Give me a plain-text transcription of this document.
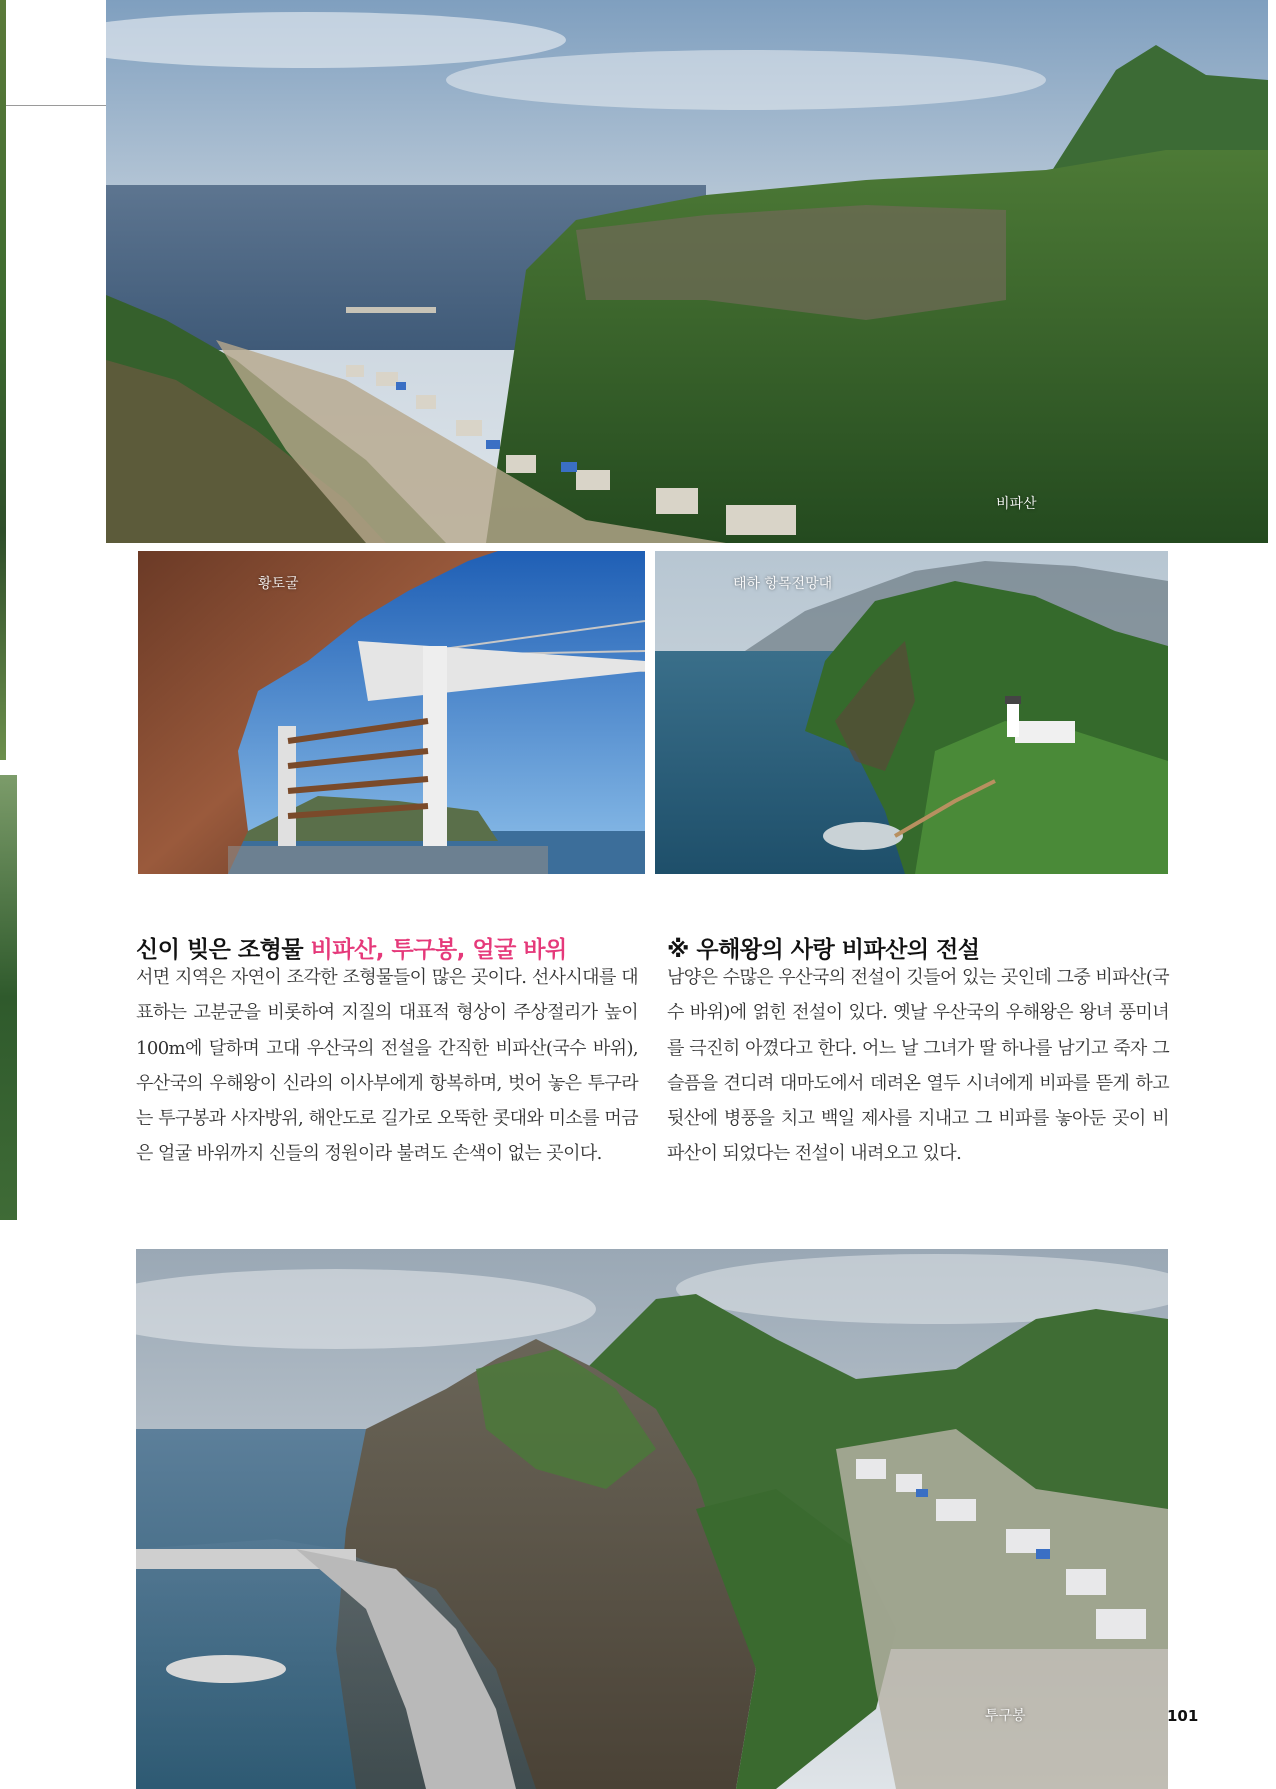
비파산
황토굴	태하 항목전망대
신이 빚은 조형물 비파산, 투구봉, 얼굴 바위
서면 지역은 자연이 조각한 조형물들이 많은 곳이다. 선사시대를 대표하는 고분군을 비롯하여 지질의 대표적 형상이 주상절리가 높이 100m에 달하며 고대 우산국의 전설을 간직한 비파산(국수 바위), 우산국의 우해왕이 신라의 이사부에게 항복하며, 벗어 놓은 투구라는 투구봉과 사자방위, 해안도로 길가로 오뚝한 콧대와 미소를 머금은 얼굴 바위까지 신들의 정원이라 불려도 손색이 없는 곳이다.
※ 우해왕의 사랑 비파산의 전설
남양은 수많은 우산국의 전설이 깃들어 있는 곳인데 그중 비파산(국수 바위)에 얽힌 전설이 있다. 옛날 우산국의 우해왕은 왕녀 풍미녀를 극진히 아꼈다고 한다. 어느 날 그녀가 딸 하나를 남기고 죽자 그 슬픔을 견디려 대마도에서 데려온 열두 시녀에게 비파를 뜯게 하고 뒷산에 병풍을 치고 백일 제사를 지내고 그 비파를 놓아둔 곳이 비파산이 되었다는 전설이 내려오고 있다.
투구봉	101
